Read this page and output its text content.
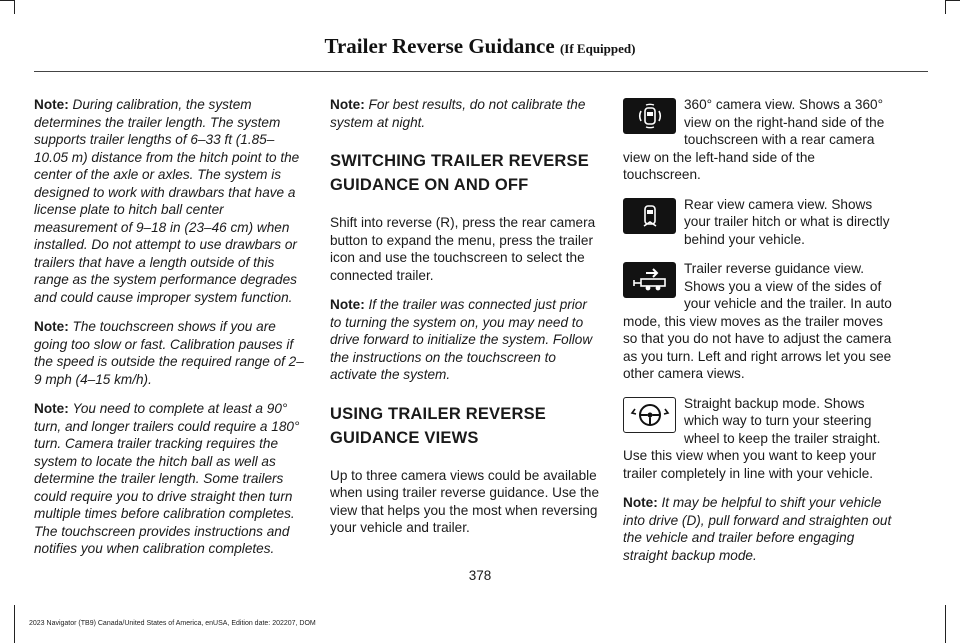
Trailer Reverse Guidance (If Equipped)

Note: During calibration, the system determines the trailer length. The system supports trailer lengths of 6–33 ft (1.85–10.05 m) distance from the hitch point to the center of the axle or axles. The system is designed to work with drawbars that have a license plate to hitch ball center measurement of 9–18 in (23–46 cm) when installed. Do not attempt to use drawbars or trailers that have a length outside of this range as the system performance degrades and could cause improper system function.

Note: The touchscreen shows if you are going too slow or fast. Calibration pauses if the speed is outside the required range of 2–9 mph (4–15 km/h).

Note: You need to complete at least a 90° turn, and longer trailers could require a 180° turn. Camera trailer tracking requires the system to locate the hitch ball as well as determine the trailer length. Some trailers could require you to drive straight then turn multiple times before calibration completes. The touchscreen provides instructions and notifies you when calibration completes.

Note: For best results, do not calibrate the system at night.

SWITCHING TRAILER REVERSE GUIDANCE ON AND OFF

Shift into reverse (R), press the rear camera button to expand the menu, press the trailer icon and use the touchscreen to select the connected trailer.

Note: If the trailer was connected just prior to turning the system on, you may need to drive forward to initialize the system. Follow the instructions on the touchscreen to activate the system.

USING TRAILER REVERSE GUIDANCE VIEWS

Up to three camera views could be available when using trailer reverse guidance. Use the view that helps you the most when reversing your vehicle and trailer.

360° camera view. Shows a 360° view on the right-hand side of the touchscreen with a rear camera view on the left-hand side of the touchscreen.

Rear view camera view. Shows your trailer hitch or what is directly behind your vehicle.

Trailer reverse guidance view. Shows you a view of the sides of your vehicle and the trailer. In auto mode, this view moves as the trailer moves so that you do not have to adjust the camera as you turn. Left and right arrows let you see other camera views.

Straight backup mode. Shows which way to turn your steering wheel to keep the trailer straight. Use this view when you want to keep your trailer completely in line with your vehicle.

Note: It may be helpful to shift your vehicle into drive (D), pull forward and straighten out the vehicle and trailer before engaging straight backup mode.

378
2023 Navigator (TB9) Canada/United States of America, enUSA, Edition date: 202207, DOM
